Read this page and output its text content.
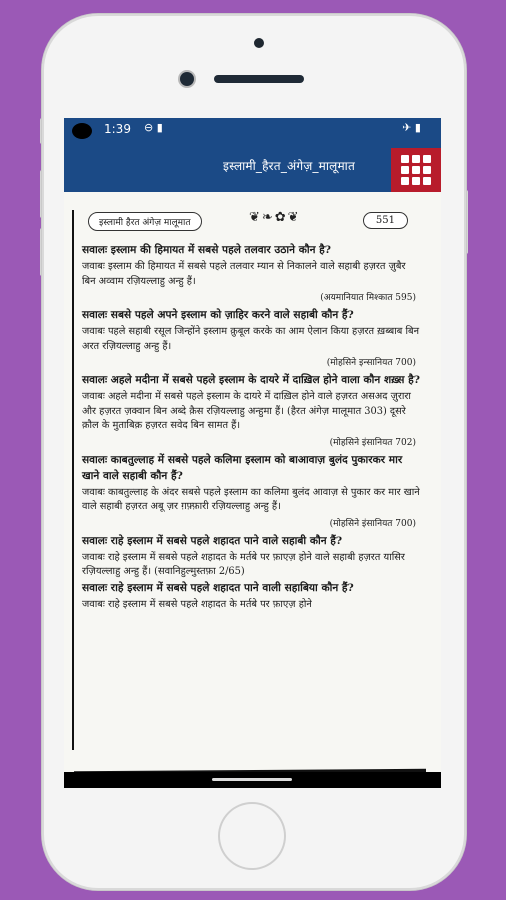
1:39 ⊖ ▮	✈ ▮
इस्लामी_हैरत_अंगेज़_मालूमात
इस्लामी हैरत अंगेज़ मालूमात	❦❧✿❦	551

सवालः इस्लाम की हिमायत में सबसे पहले तलवार उठाने कौन है?

जवाबः इस्लाम की हिमायत में सबसे पहले तलवार म्यान से निकालने वाले सहाबी हज़रत ज़ुबैर बिन अव्वाम रज़ियल्लाहु अन्हु हैं।

(अयमानियात मिश्कात 595)

सवालः सबसे पहले अपने इस्लाम को ज़ाहिर करने वाले सहाबी कौन हैं?

जवाबः पहले सहाबी रसूल जिन्होंने इस्लाम क़ुबूल करके का आम ऐलान किया हज़रत ख़ब्बाब बिन अरत रज़ियल्लाहु अन्हु हैं।

(मोहसिने इन्सानियत 700)

सवालः अहले मदीना में सबसे पहले इस्लाम के दायरे में दाख़िल होने वाला कौन शख़्स है?

जवाबः अहले मदीना में सबसे पहले इस्लाम के दायरे में दाख़िल होने वाले हज़रत असअद ज़ुरारा और हज़रत ज़क्वान बिन अब्दे क़ैस रज़ियल्लाहु अन्हुमा हैं। (हैरत अंगेज़ मालूमात 303) दूसरे क़ौल के मुताबिक़ हज़रत सवेद बिन सामत हैं।

(मोहसिने इंसानियत 702)

सवालः काबतुल्लाह में सबसे पहले कलिमा इस्लाम को बाआवाज़ बुलंद पुकारकर मार खाने वाले सहाबी कौन हैं?

जवाबः काबतुल्लाह के अंदर सबसे पहले इस्लाम का कलिमा बुलंद आवाज़ से पुकार कर मार खाने वाले सहाबी हज़रत अबू ज़र ग़फ़्फ़ारी रज़ियल्लाहु अन्हु हैं।

(मोहसिने इंसानियत 700)

सवालः राहे इस्लाम में सबसे पहले शहादत पाने वाले सहाबी कौन हैं?

जवाबः राहे इस्लाम में सबसे पहले शहादत के मर्तबे पर फ़ाएज़ होने वाले सहाबी हज़रत यासिर रज़ियल्लाहु अन्हु हैं। (सवानिहुल्मुस्तफ़ा 2/65)

सवालः राहे इस्लाम में सबसे पहले शहादत पाने वाली सहाबिया कौन हैं?

जवाबः राहे इस्लाम में सबसे पहले शहादत के मर्तबे पर फ़ाएज़ होने
